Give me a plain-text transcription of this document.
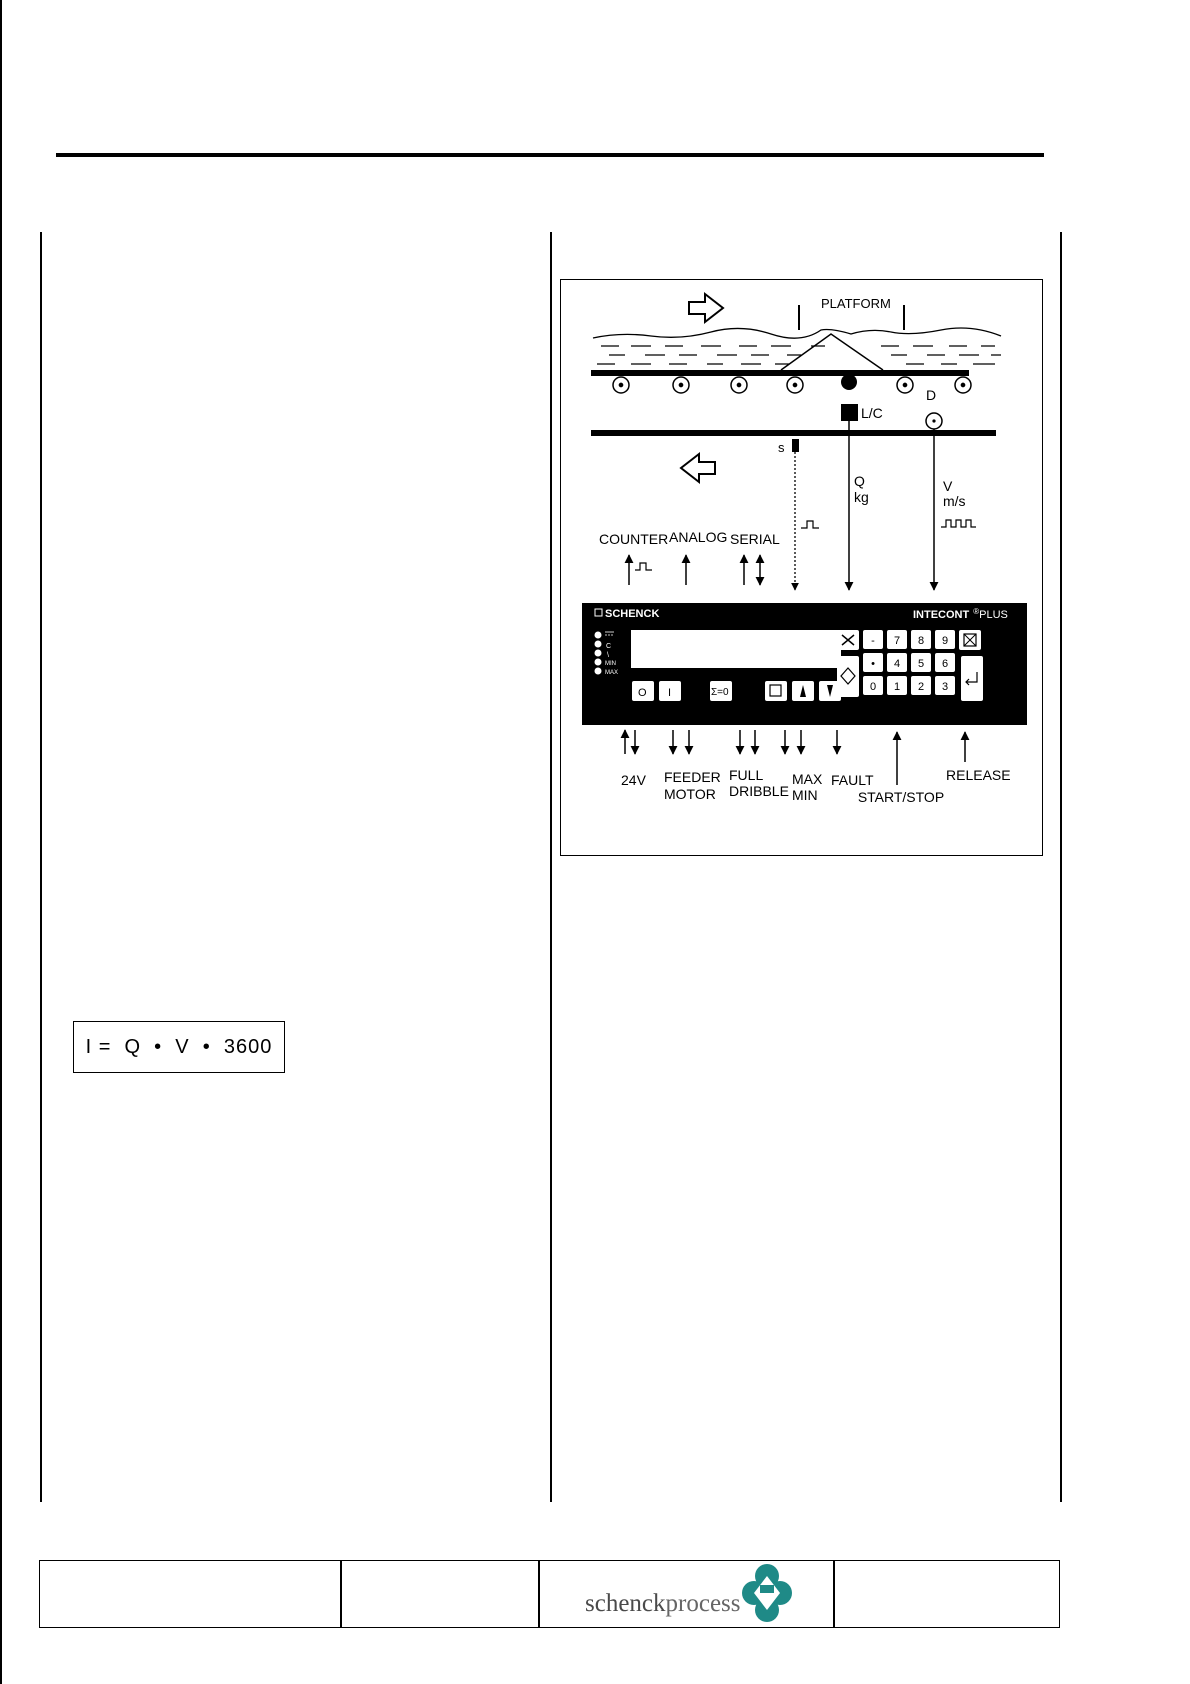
I =  Q  •  V  •  3600
PLATFORM
L/C
D
s
Q
kg
V
m/s
COUNTER ANALOG SERIAL
SCHENCK	INTECONT ®PLUS
C
\
MIN
MAX
O I	Σ=0
- 7 8 9
• 4 5 6
0 1 2 3
24V FEEDER
MOTOR
FULL
DRIBBLE
MAX
MIN
FAULT	RELEASE
START/STOP
schenckprocess
